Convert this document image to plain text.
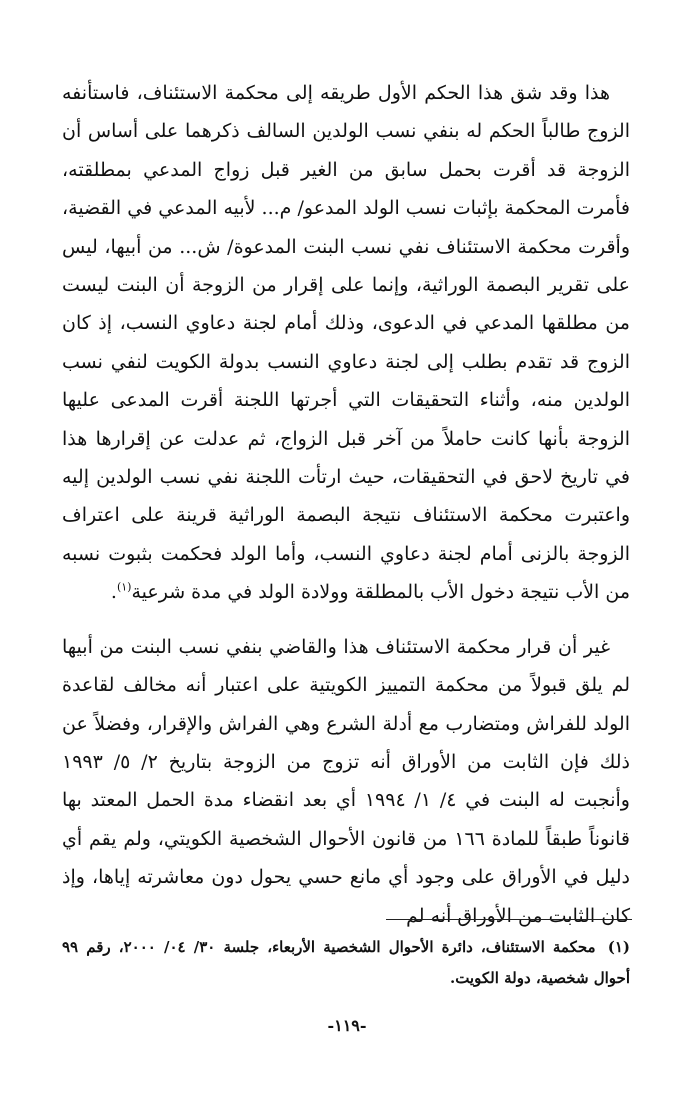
هذا وقد شق هذا الحكم الأول طريقه إلى محكمة الاستئناف، فاستأنفه الزوج طالباً الحكم له بنفي نسب الولدين السالف ذكرهما على أساس أن الزوجة قد أقرت بحمل سابق من الغير قبل زواج المدعي بمطلقته، فأمرت المحكمة بإثبات نسب الولد المدعو/ م... لأبيه المدعي في القضية، وأقرت محكمة الاستئناف نفي نسب البنت المدعوة/ ش... من أبيها، ليس على تقرير البصمة الوراثية، وإنما على إقرار من الزوجة أن البنت ليست من مطلقها المدعي في الدعوى، وذلك أمام لجنة دعاوي النسب، إذ كان الزوج قد تقدم بطلب إلى لجنة دعاوي النسب بدولة الكويت لنفي نسب الولدين منه، وأثناء التحقيقات التي أجرتها اللجنة أقرت المدعى عليها الزوجة بأنها كانت حاملاً من آخر قبل الزواج، ثم عدلت عن إقرارها هذا في تاريخ لاحق في التحقيقات، حيث ارتأت اللجنة نفي نسب الولدين إليه واعتبرت محكمة الاستئناف نتيجة البصمة الوراثية قرينة على اعتراف الزوجة بالزنى أمام لجنة دعاوي النسب، وأما الولد فحكمت بثبوت نسبه من الأب نتيجة دخول الأب بالمطلقة وولادة الولد في مدة شرعية$^{(١)}$.

غير أن قرار محكمة الاستئناف هذا والقاضي بنفي نسب البنت من أبيها لم يلق قبولاً من محكمة التمييز الكويتية على اعتبار أنه مخالف لقاعدة الولد للفراش ومتضارب مع أدلة الشرع وهي الفراش والإقرار، وفضلاً عن ذلك فإن الثابت من الأوراق أنه تزوج من الزوجة بتاريخ ٢/ ٥/ ١٩٩٣ وأنجبت له البنت في ٤/ ١/ ١٩٩٤ أي بعد انقضاء مدة الحمل المعتد بها قانوناً طبقاً للمادة ١٦٦ من قانون الأحوال الشخصية الكويتي، ولم يقم أي دليل في الأوراق على وجود أي مانع حسي يحول دون معاشرته إياها، وإذ كان الثابت من الأوراق أنه لم

(١) محكمة الاستئناف، دائرة الأحوال الشخصية الأربعاء، جلسة ٣٠/ ٠٤/ ٢٠٠٠، رقم ٩٩ أحوال شخصية، دولة الكويت.
-١١٩-
